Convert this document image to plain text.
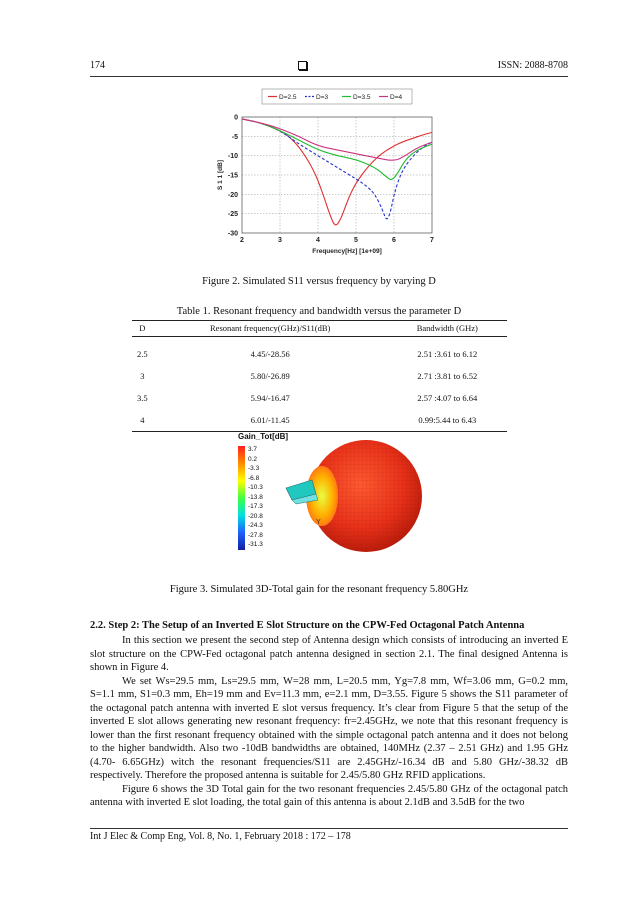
174	ISSN: 2088-8708
D=2.5	D=3	D=3.5	D=4
2	3	4	5	6	7
0
-5
-10
-15
-20
-25
-30
Frequency[Hz] [1e+09]
S 1 1 [dB]
Figure 2. Simulated S11 versus frequency by varying D
Table 1. Resonant frequency and bandwidth versus the parameter D
D	Resonant frequency(GHz)/S11(dB)	Bandwidth (GHz)
2.5	4.45/-28.56	2.51 :3.61 to 6.12
3	5.80/-26.89	2.71 :3.81 to 6.52
3.5	5.94/-16.47	2.57 :4.07 to 6.64
4	6.01/-11.45	0.99:5.44 to 6.43
Gain_Tot[dB]
3.7
0.2
-3.3
-6.8
-10.3
-13.8
-17.3
-20.8
-24.3
-27.8
-31.3
Y
Figure 3. Simulated 3D-Total gain for the resonant frequency 5.80GHz
2.2. Step 2: The Setup of an Inverted E Slot Structure on the CPW-Fed Octagonal Patch Antenna

In this section we present the second step of Antenna design which consists of introducing an inverted E slot structure on the CPW-Fed octagonal patch antenna designed in section 2.1. The final designed Antenna is shown in Figure 4.

We set Ws=29.5 mm, Ls=29.5 mm, W=28 mm, L=20.5 mm, Yg=7.8 mm, Wf=3.06 mm, G=0.2 mm, S=1.1 mm, S1=0.3 mm, Eh=19 mm and Ev=11.3 mm, e=2.1 mm, D=3.55. Figure 5 shows the S11 parameter of the octagonal patch antenna with inverted E slot versus frequency. It’s clear from Figure 5 that the setup of the inverted E slot allows generating new resonant frequency: fr=2.45GHz, we note that this resonant frequency is lower than the first resonant frequency obtained with the simple octagonal patch antenna and it does not belong to the higher bandwidth. Also two -10dB bandwidths are obtained, 140MHz (2.37 – 2.51 GHz) and 1.95 GHz (4.70- 6.65GHz) witch the resonant frequencies/S11 are 2.45GHz/-16.34 dB and 5.80 GHz/-38.32 dB respectively. Therefore the proposed antenna is suitable for 2.45/5.80 GHz RFID applications.

Figure 6 shows the 3D Total gain for the two resonant frequencies 2.45/5.80 GHz of the octagonal patch antenna with inverted E slot loading, the total gain of this antenna is about 2.1dB and 3.5dB for the two

Int J Elec & Comp Eng, Vol. 8, No. 1, February 2018 : 172 – 178
